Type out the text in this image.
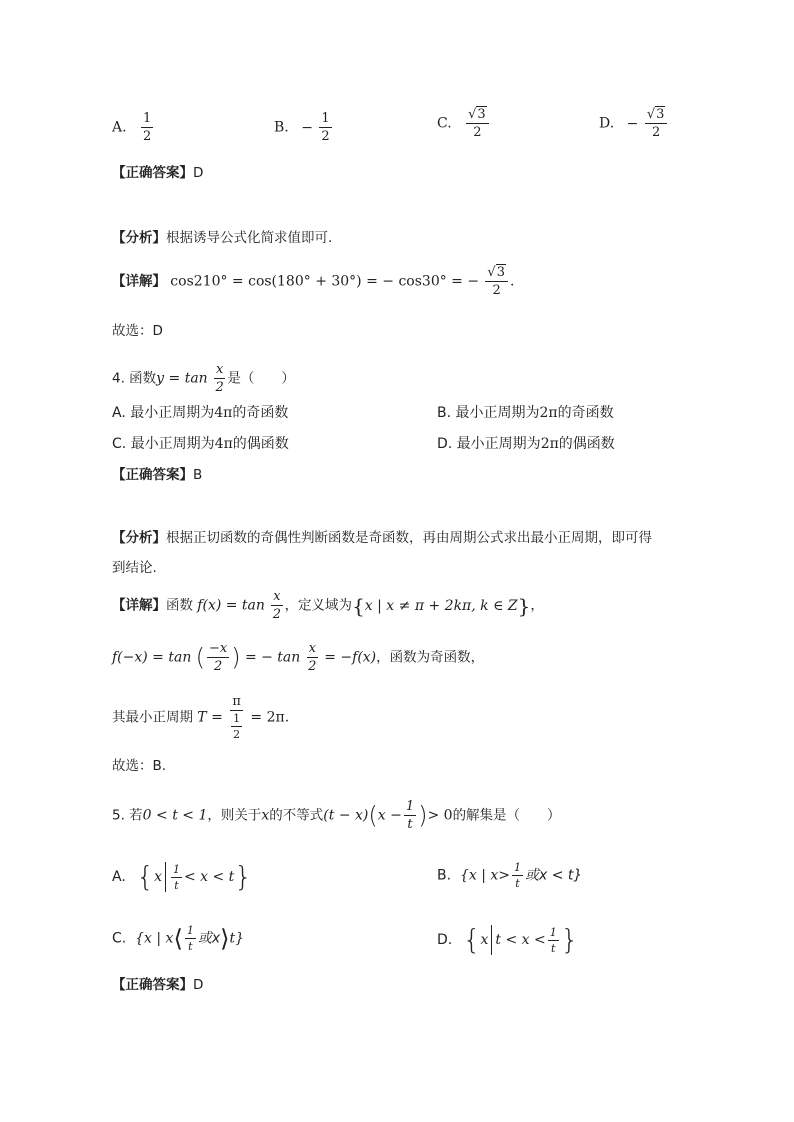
A. $\frac{1}{2}$	B. − $\frac{1}{2}$	C. $\frac{√3}{2}$	D. − $\frac{√3}{2}$
【正确答案】D
【分析】根据诱导公式化简求值即可.
【详解】 cos210° = cos(180° + 30°) = − cos30° = − $\frac{√3}{2}$ .
故选：D
4. 函数$y = \tan \frac{x}{2}$ 是（　　）
A. 最小正周期为4π的奇函数	B. 最小正周期为2π的奇函数
C. 最小正周期为4π的偶函数	D. 最小正周期为2π的偶函数
【正确答案】B
【分析】根据正切函数的奇偶性判断函数是奇函数，再由周期公式求出最小正周期，即可得
到结论.
【详解】函数 $f(x) = \tan \frac{x}{2}$ ，定义域为{x | x ≠ π + 2kπ, k ∈ Z}，
f(−x) = tan ( $\frac{-x}{2}$ ) = − $\tan \frac{x}{2} = -f(x)$，函数为奇函数，
其最小正周期 $T = \frac{\pi}{\frac{1}{2}} = 2\pi$.
故选：B.
5. 若0 < t < 1，则关于x的不等式$(t - x)(x - \frac{1}{t}$ )> 0的解集是（　　）
A. $\{x \frac{1}{t} < x < t\}$	B. {x | $x> \frac{1}{t}$ 或x < t}
C. {x | x⟨ $\frac{1}{t}$ 或x⟩t}	D. {x $t < x < \frac{1}{t}$ }
【正确答案】D
